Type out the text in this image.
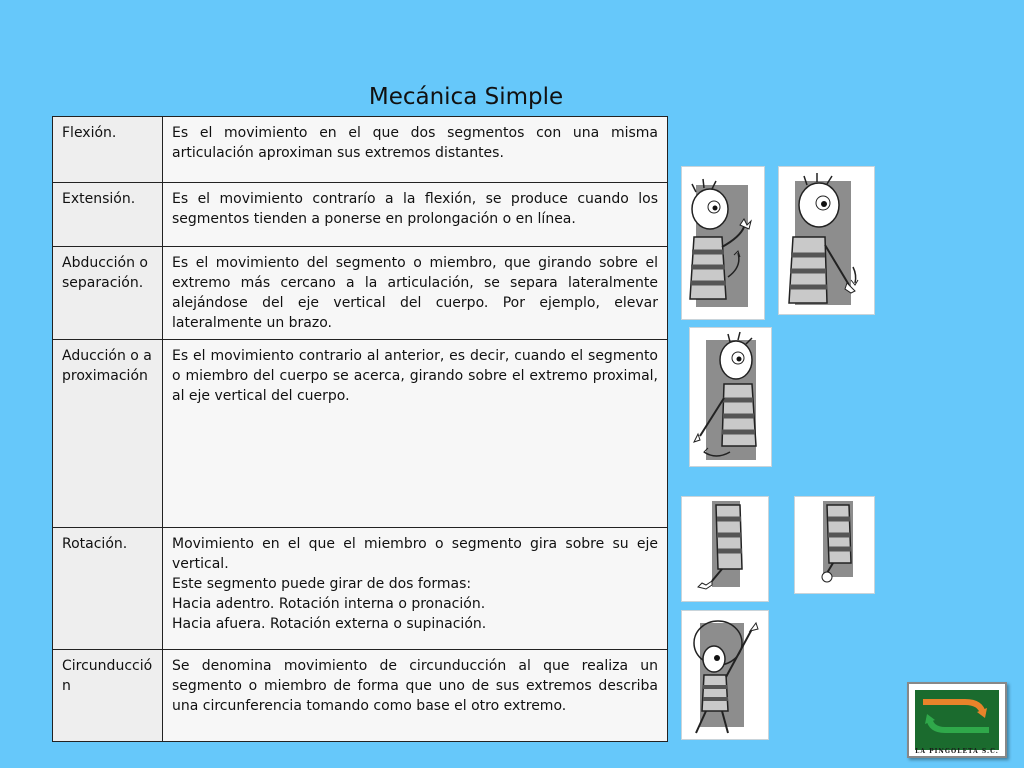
Mecánica Simple
Flexión.	Es el movimiento en el que dos segmentos con una misma articulación aproximan sus extremos distantes.
Extensión.	Es el movimiento contrarío a la flexión, se produce cuando los segmentos tienden a ponerse en prolongación o en línea.
Abducción o separación.	Es el movimiento del segmento o miembro, que girando sobre el extremo más cercano a la articulación, se separa lateralmente alejándose del eje vertical del cuerpo. Por ejemplo, elevar lateralmente un brazo.
Aducción o aproximación	Es el movimiento contrario al anterior, es decir, cuando el segmento o miembro del cuerpo se acerca, girando sobre el extremo proximal, al eje vertical del cuerpo.
Rotación.	Movimiento en el que el miembro o segmento gira sobre su eje vertical.
Este segmento puede girar de dos formas:
Hacia adentro. Rotación interna o pronación.
Hacia afuera. Rotación externa o supinación.

Circunducción	Se denomina movimiento de circunducción al que realiza un segmento o miembro de forma que uno de sus extremos describa una circunferencia tomando como base el otro extremo.
LA PINGOLETA S.C.
